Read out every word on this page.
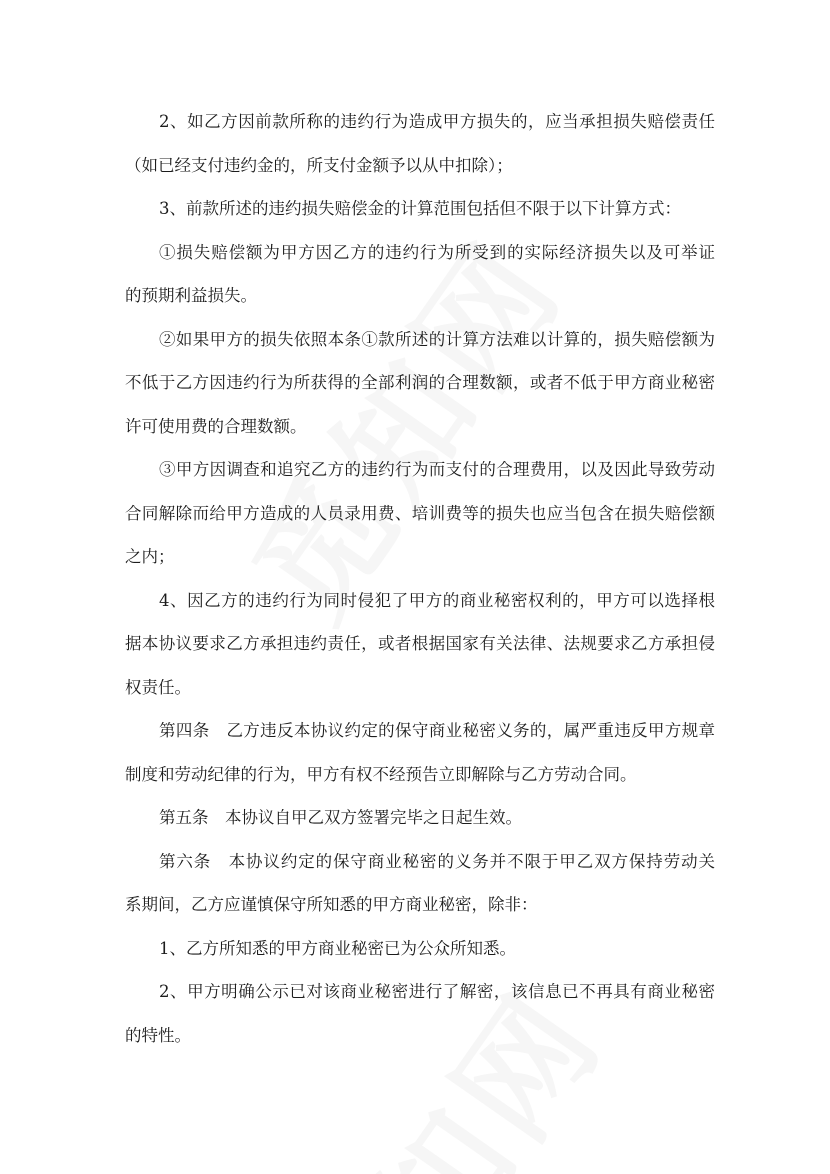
2、如乙方因前款所称的违约行为造成甲方损失的，应当承担损失赔偿责任
（如已经支付违约金的，所支付金额予以从中扣除）；
3、前款所述的违约损失赔偿金的计算范围包括但不限于以下计算方式：
①损失赔偿额为甲方因乙方的违约行为所受到的实际经济损失以及可举证
的预期利益损失。
②如果甲方的损失依照本条①款所述的计算方法难以计算的，损失赔偿额为
不低于乙方因违约行为所获得的全部利润的合理数额，或者不低于甲方商业秘密
许可使用费的合理数额。
③甲方因调查和追究乙方的违约行为而支付的合理费用，以及因此导致劳动
合同解除而给甲方造成的人员录用费、培训费等的损失也应当包含在损失赔偿额
之内；
4、因乙方的违约行为同时侵犯了甲方的商业秘密权利的，甲方可以选择根
据本协议要求乙方承担违约责任，或者根据国家有关法律、法规要求乙方承担侵
权责任。
第四条　乙方违反本协议约定的保守商业秘密义务的，属严重违反甲方规章
制度和劳动纪律的行为，甲方有权不经预告立即解除与乙方劳动合同。
第五条　本协议自甲乙双方签署完毕之日起生效。
第六条　本协议约定的保守商业秘密的义务并不限于甲乙双方保持劳动关
系期间，乙方应谨慎保守所知悉的甲方商业秘密，除非：
1、乙方所知悉的甲方商业秘密已为公众所知悉。
2、甲方明确公示已对该商业秘密进行了解密，该信息已不再具有商业秘密
的特性。
